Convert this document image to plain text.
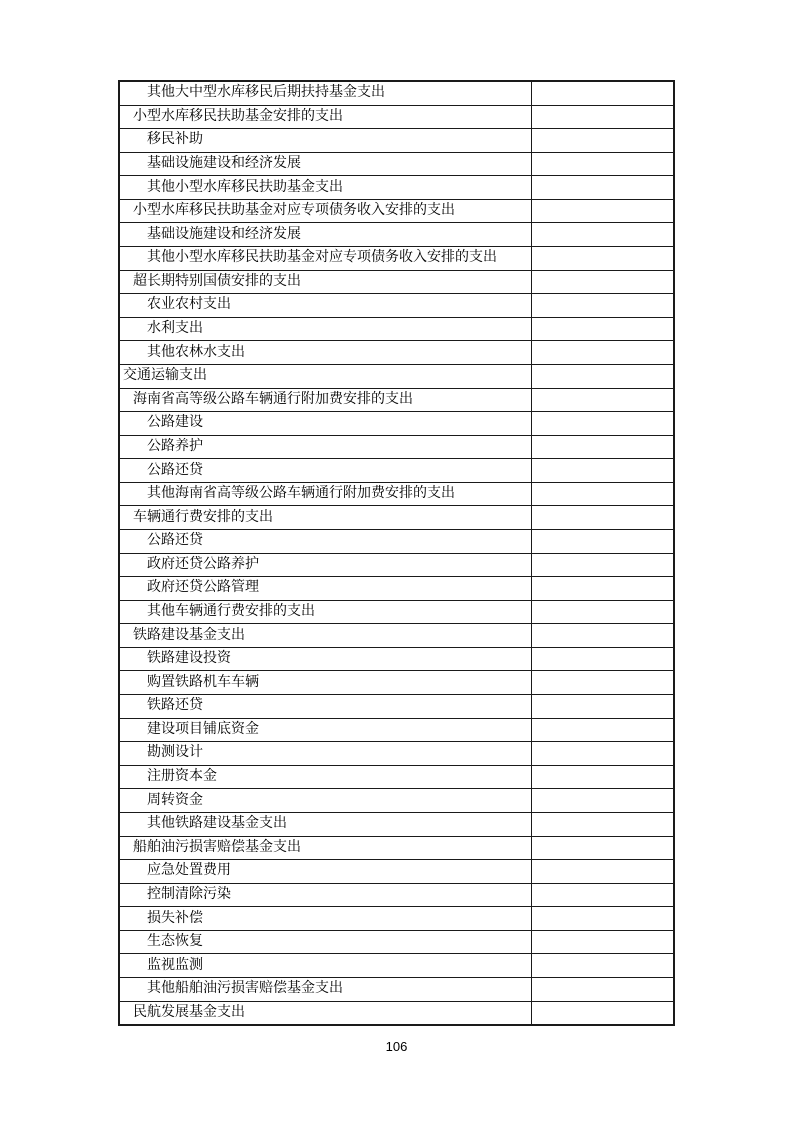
其他大中型水库移民后期扶持基金支出
小型水库移民扶助基金安排的支出
移民补助
基础设施建设和经济发展
其他小型水库移民扶助基金支出
小型水库移民扶助基金对应专项债务收入安排的支出
基础设施建设和经济发展
其他小型水库移民扶助基金对应专项债务收入安排的支出
超长期特别国债安排的支出
农业农村支出
水利支出
其他农林水支出
交通运输支出
海南省高等级公路车辆通行附加费安排的支出
公路建设
公路养护
公路还贷
其他海南省高等级公路车辆通行附加费安排的支出
车辆通行费安排的支出
公路还贷
政府还贷公路养护
政府还贷公路管理
其他车辆通行费安排的支出
铁路建设基金支出
铁路建设投资
购置铁路机车车辆
铁路还贷
建设项目铺底资金
勘测设计
注册资本金
周转资金
其他铁路建设基金支出
船舶油污损害赔偿基金支出
应急处置费用
控制清除污染
损失补偿
生态恢复
监视监测
其他船舶油污损害赔偿基金支出
民航发展基金支出
106
